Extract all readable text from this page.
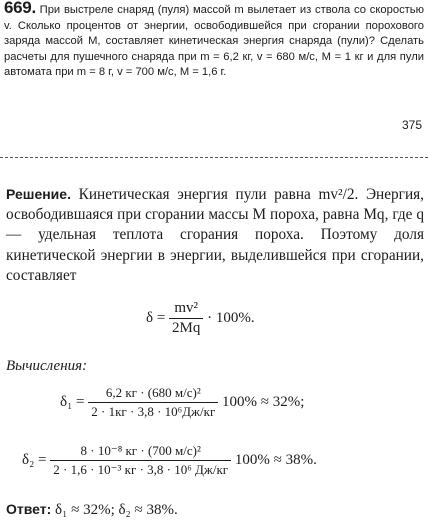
669. При выстреле снаряд (пуля) массой m вылетает из ствола со скоростью v. Сколько процентов от энергии, освободившейся при сгорании порохового заряда массой M, составляет кинетическая энергия снаряда (пули)? Сделать расчеты для пушечного снаряда при m = 6,2 кг, v = 680 м/с, M = 1 кг и для пули автомата при m = 8 г, v = 700 м/с, M = 1,6 г.
375
Решение. Кинетическая энергия пули равна mv²/2. Энергия, освободившаяся при сгорании массы M пороха, равна Mq, где q — удельная теплота сгорания пороха. Поэтому доля кинетической энергии в энергии, выделившейся при сгорании, составляет
$\delta = \frac{\text{mv²}}{2Mq} \cdot 100\%$.
Вычисления:
$\delta_1 = \frac{\text{6,2 кг · (680 м/с)²}}{\text{2 · 1кг · 3,8 · 10⁶Дж/кг}} 100\% \approx 32\%$;
$\delta_2 = \frac{\text{8 · 10⁻⁸ кг · (700 м/с)²}}{\text{2 · 1,6 · 10⁻³ кг · 3,8 · 10⁶ Дж/кг}} 100\% \approx 38\%$.
Ответ: δ₁ ≈ 32%; δ₂ ≈ 38%.
